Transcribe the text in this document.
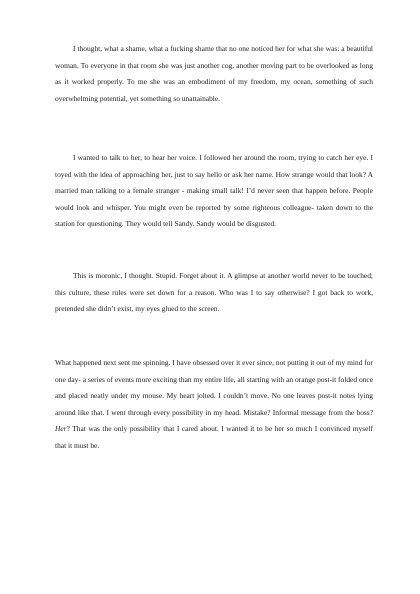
I thought, what a shame, what a fucking shame that no one noticed her for what she was: a beautiful woman. To everyone in that room she was just another cog, another moving part to be overlooked as long as it worked properly. To me she was an embodiment of my freedom, my ocean, something of such overwhelming potential, yet something so unattainable.

I wanted to talk to her, to hear her voice. I followed her around the room, trying to catch her eye. I toyed with the idea of approaching her, just to say hello or ask her name. How strange would that look? A married man talking to a female stranger - making small talk! I’d never seen that happen before. People would look and whisper. You might even be reported by some righteous colleague- taken down to the station for questioning. They would tell Sandy. Sandy would be disgusted.

This is moronic, I thought. Stupid. Forget about it. A glimpse at another world never to be touched; this culture, these rules were set down for a reason. Who was I to say otherwise? I got back to work, pretended she didn’t exist, my eyes glued to the screen.

What happened next sent me spinning. I have obsessed over it ever since, not putting it out of my mind for one day- a series of events more exciting than my entire life, all starting with an orange post-it folded once and placed neatly under my mouse. My heart jolted. I couldn’t move. No one leaves post-it notes lying around like that. I went through every possibility in my head. Mistake? Informal message from the boss? Her? That was the only possibility that I cared about. I wanted it to be her so much I convinced myself that it must be.
